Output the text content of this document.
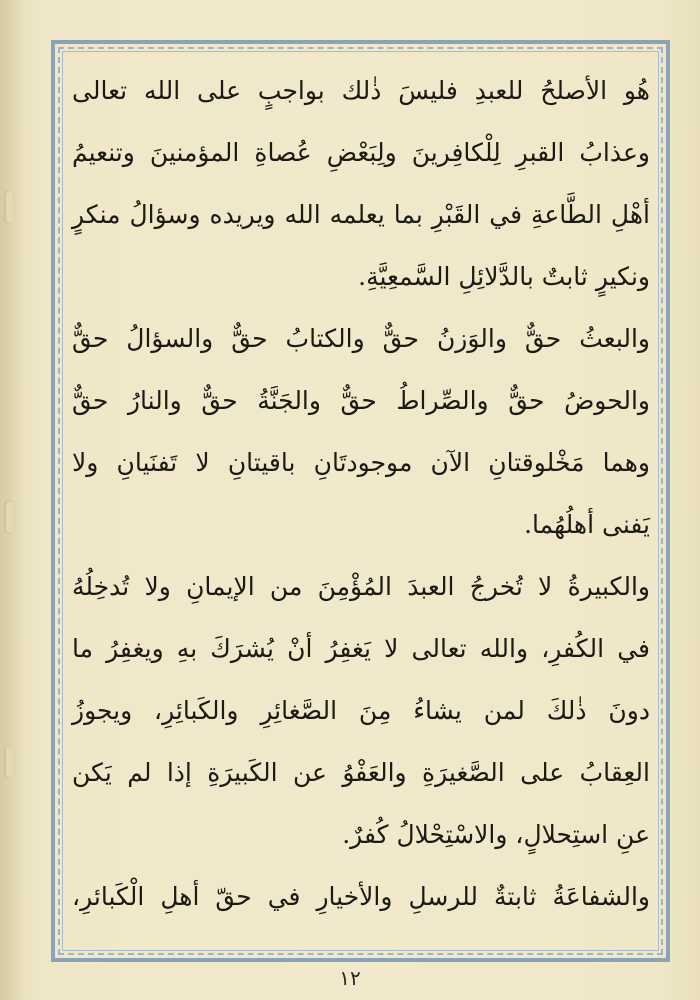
هُو الأصلحُ للعبدِ فليسَ ذٰلك بواجبٍ على الله تعالى
وعذابُ القبرِ لِلْكافِرينَ ولِبَعْضِ عُصاةِ المؤمنينَ وتنعيمُ
أهْلِ الطَّاعةِ في القَبْرِ بما يعلمه الله ويريده وسؤالُ منكرٍ
ونكيرٍ ثابتٌ بالدَّلائِلِ السَّمعِيَّةِ.
والبعثُ حقٌّ والوَزنُ حقٌّ والكتابُ حقٌّ والسؤالُ حقٌّ
والحوضُ حقٌّ والصِّراطُ حقٌّ والجَنَّةُ حقٌّ والنارُ حقٌّ
وهما مَخْلوقتانِ الآن موجودتَانِ باقيتانِ لا تَفنَيانِ ولا
يَفنى أهلُهُما.
والكبيرةُ لا تُخرجُ العبدَ المُؤْمِنَ من الإيمانِ ولا تُدخِلُهُ
في الكُفرِ، والله تعالى لا يَغفِرُ أنْ يُشرَكَ بهِ ويغفِرُ ما
دونَ ذٰلكَ لمن يشاءُ مِنَ الصَّغائِرِ والكَبائِرِ، ويجوزُ
العِقابُ على الصَّغيرَةِ والعَفْوُ عن الكَبيرَةِ إذا لم يَكن
عنِ استِحلالٍ، والاسْتِحْلالُ كُفرٌ.
والشفاعَةُ ثابتةٌ للرسلِ والأخيارِ في حقّ أهلِ الْكَبائرِ،
١٢
